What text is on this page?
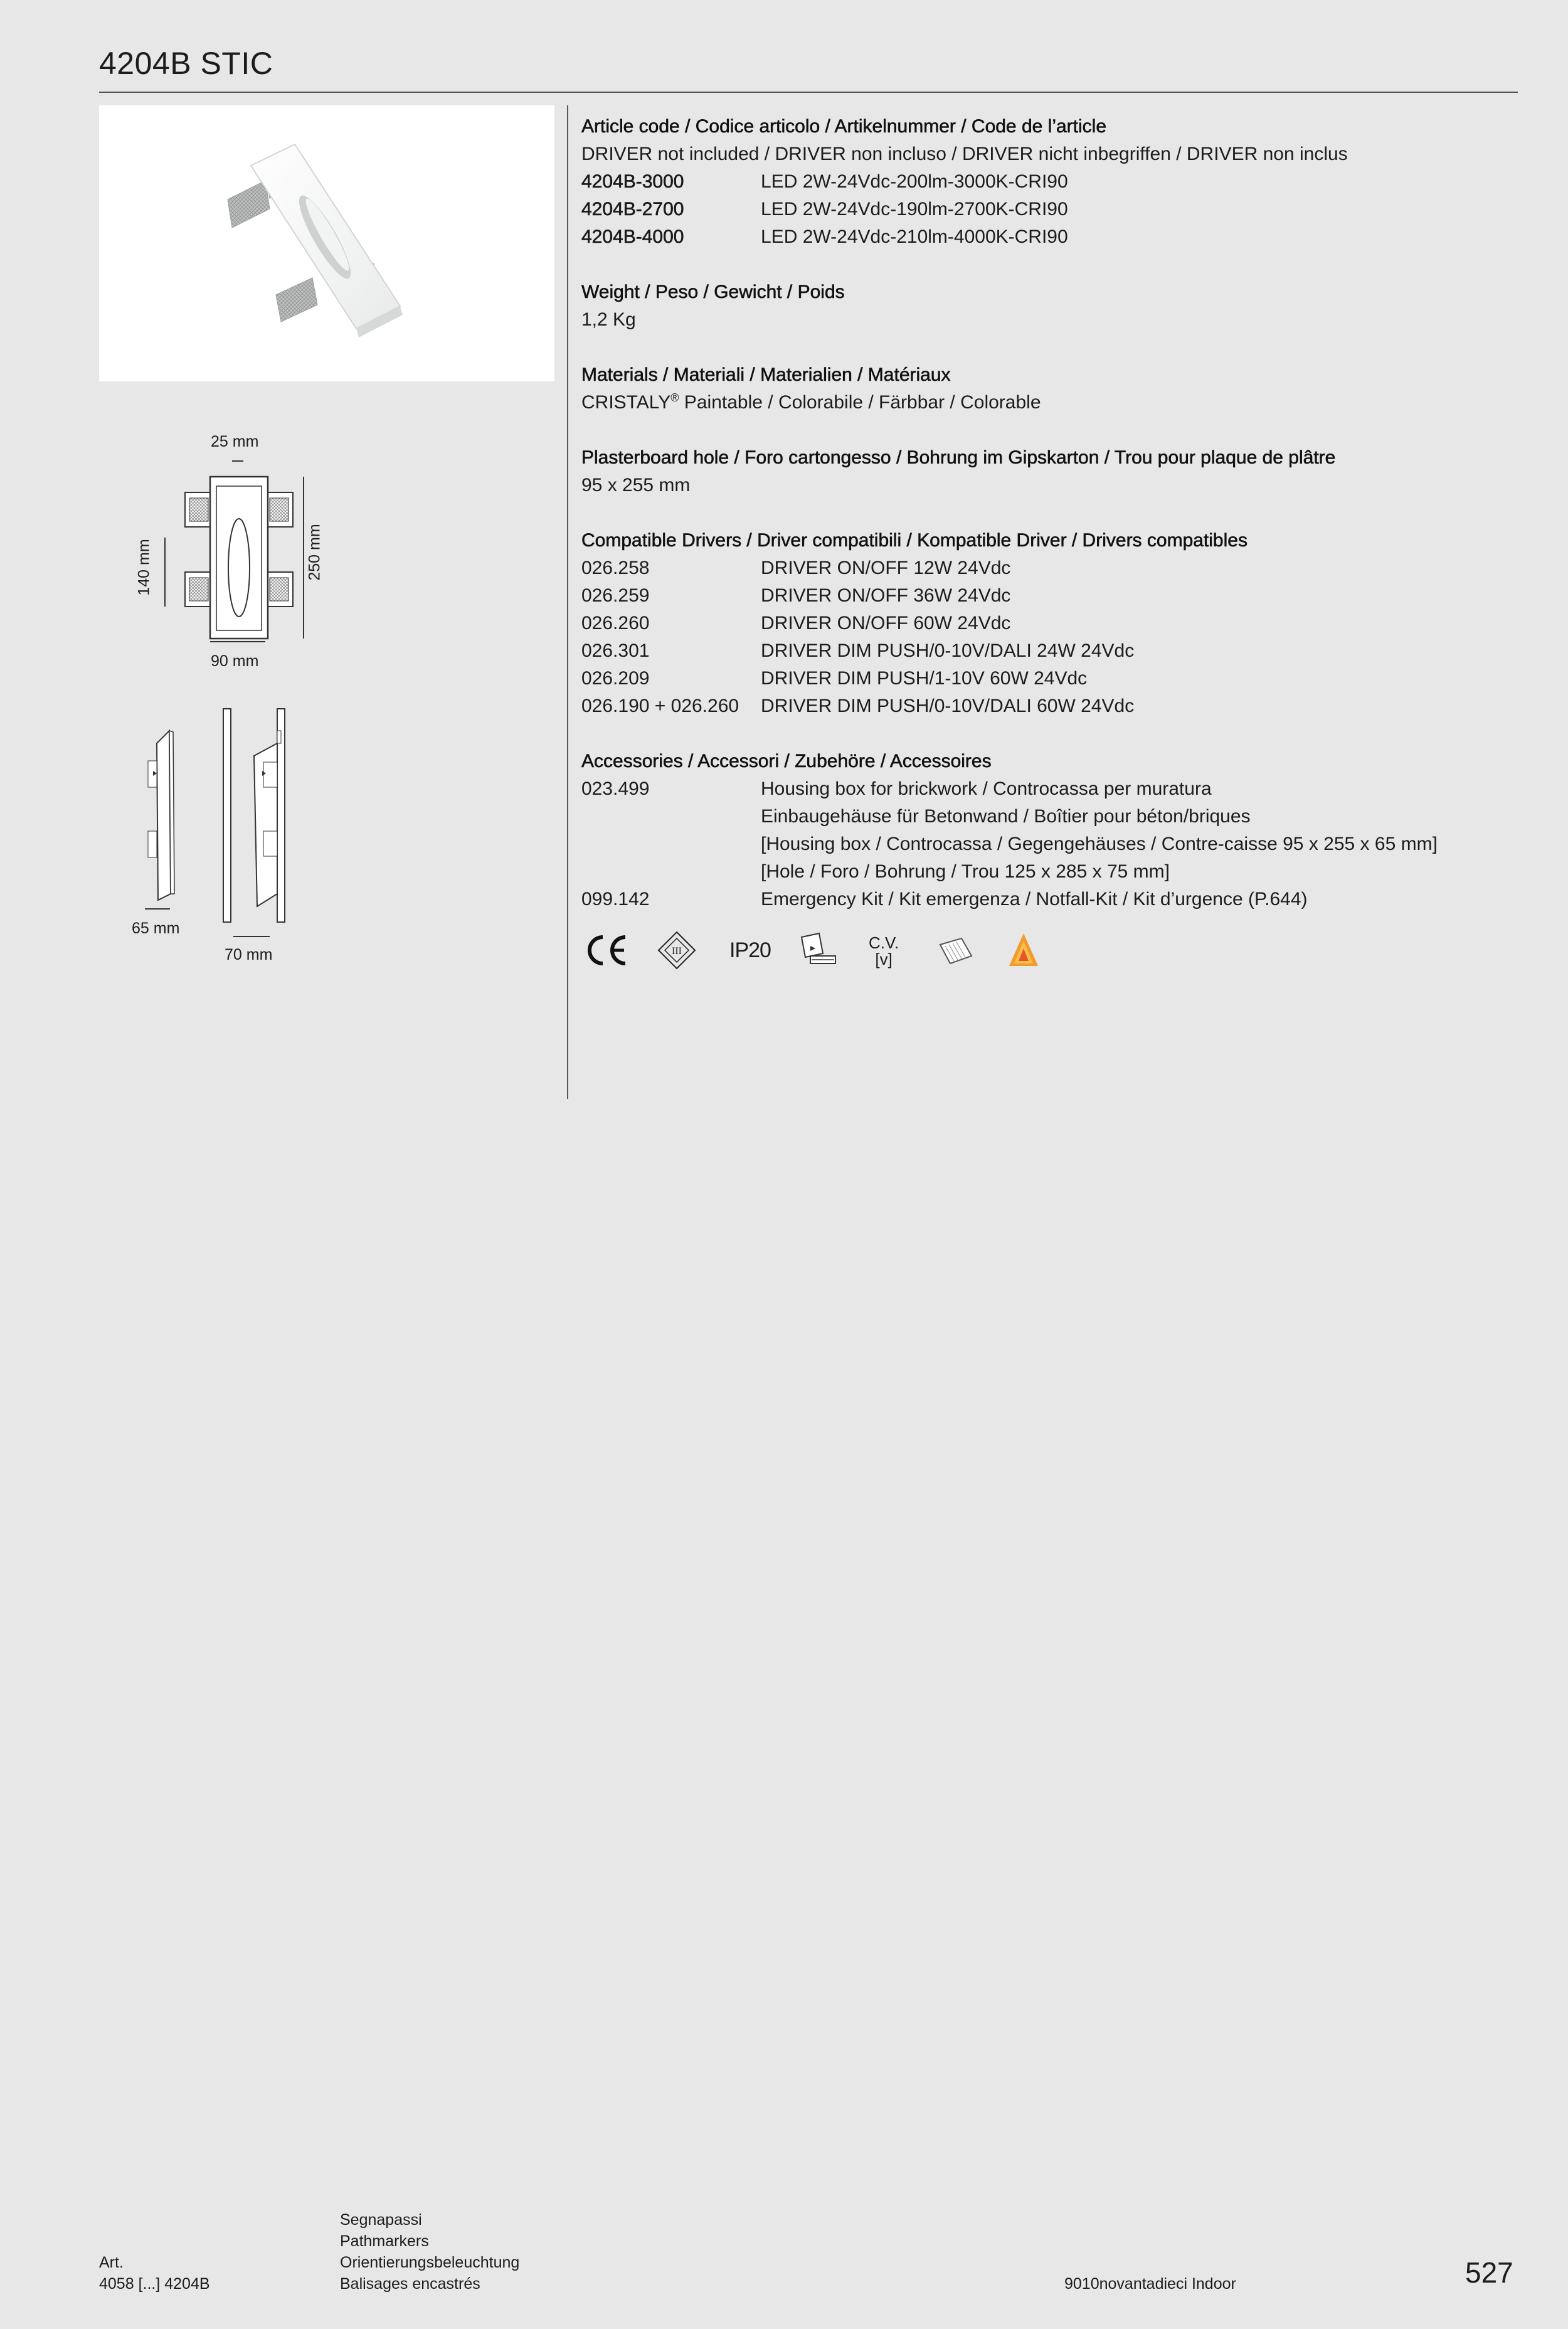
4204B STIC
25 mm
140 mm	250 mm
90 mm
65 mm
70 mm
Article code / Codice articolo / Artikelnummer / Code de l’article
DRIVER not included / DRIVER non incluso / DRIVER nicht inbegriffen / DRIVER non inclus
4204B-3000	LED 2W-24Vdc-200lm-3000K-CRI90
4204B-2700	LED 2W-24Vdc-190lm-2700K-CRI90
4204B-4000	LED 2W-24Vdc-210lm-4000K-CRI90
Weight / Peso / Gewicht / Poids
1,2 Kg
Materials / Materiali / Materialien / Matériaux
CRISTALY® Paintable / Colorabile / Färbbar / Colorable
Plasterboard hole / Foro cartongesso / Bohrung im Gipskarton / Trou pour plaque de plâtre
95 x 255 mm
Compatible Drivers / Driver compatibili / Kompatible Driver / Drivers compatibles
026.258	DRIVER ON/OFF 12W 24Vdc
026.259	DRIVER ON/OFF 36W 24Vdc
026.260	DRIVER ON/OFF 60W 24Vdc
026.301	DRIVER DIM PUSH/0-10V/DALI 24W 24Vdc
026.209	DRIVER DIM PUSH/1-10V 60W 24Vdc
026.190 + 026.260	DRIVER DIM PUSH/0-10V/DALI 60W 24Vdc
Accessories / Accessori / Zubehöre / Accessoires
023.499	Housing box for brickwork / Controcassa per muratura
Einbaugehäuse für Betonwand / Boîtier pour béton/briques
[Housing box / Controcassa / Gegengehäuses / Contre-caisse 95 x 255 x 65 mm]
[Hole / Foro / Bohrung / Trou 125 x 285 x 75 mm]
099.142	Emergency Kit / Kit emergenza / Notfall-Kit / Kit d’urgence (P.644)
III IP20	C.V.
[v]
Art.
4058 [...] 4204B
Segnapassi
Pathmarkers
Orientierungsbeleuchtung
Balisages encastrés	9010novantadieci Indoor	527
